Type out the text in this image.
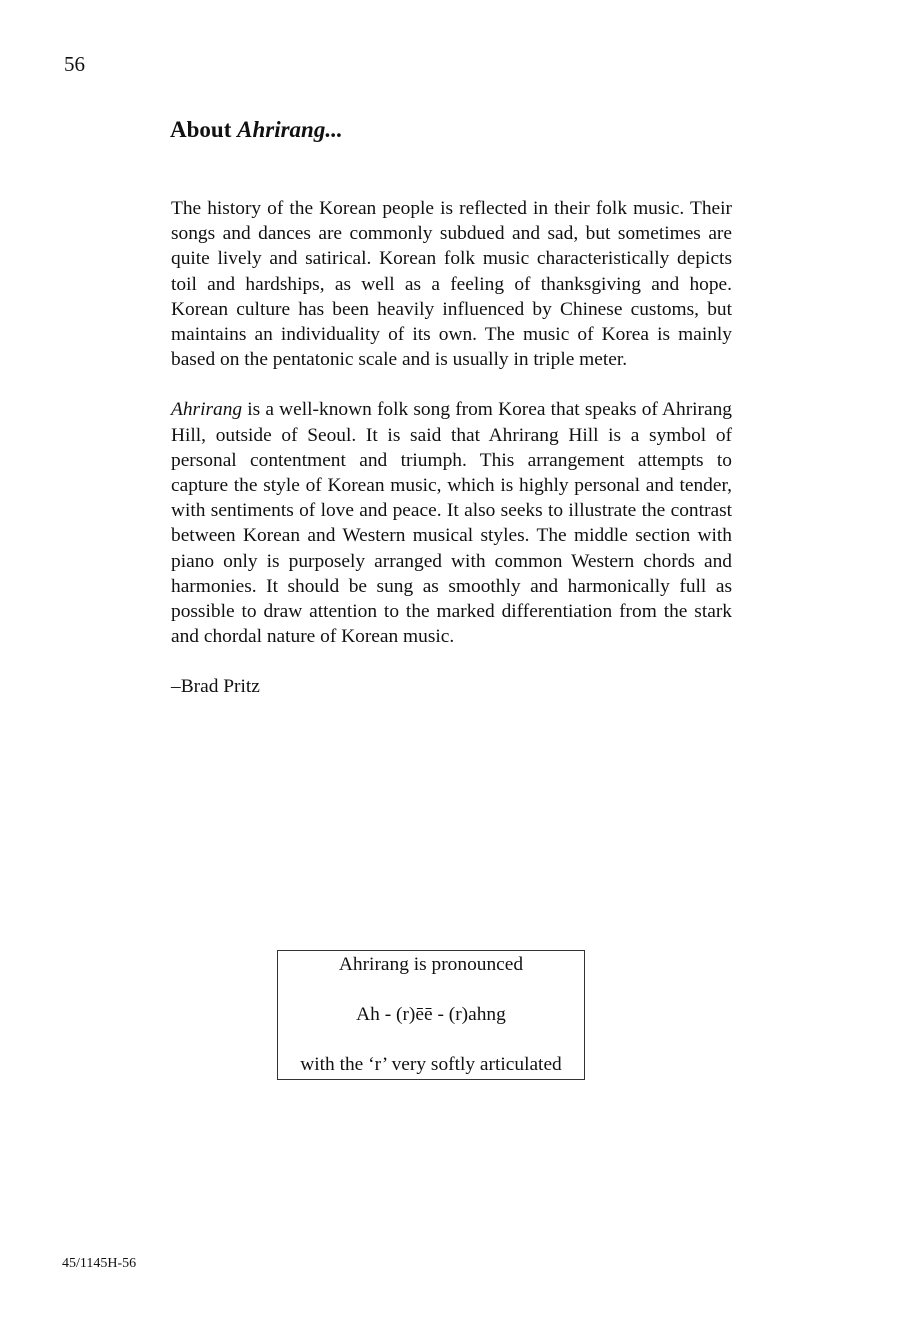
56
About Ahrirang...

The history of the Korean people is reflected in their folk music. Their songs and dances are commonly subdued and sad, but sometimes are quite lively and satirical. Korean folk music characteristically depicts toil and hardships, as well as a feeling of thanksgiving and hope. Korean culture has been heavily influenced by Chinese customs, but maintains an individuality of its own. The music of Korea is mainly based on the pentatonic scale and is usually in triple meter.

Ahrirang is a well-known folk song from Korea that speaks of Ahrirang Hill, outside of Seoul. It is said that Ahrirang Hill is a symbol of personal contentment and triumph. This arrangement attempts to capture the style of Korean music, which is highly personal and tender, with sentiments of love and peace. It also seeks to illustrate the contrast between Korean and Western musical styles. The middle section with piano only is purposely arranged with common Western chords and harmonies. It should be sung as smoothly and harmonically full as possible to draw attention to the marked differentiation from the stark and chordal nature of Korean music.

–Brad Pritz

Ahrirang is pronounced
Ah - (r)ēē - (r)ahng
with the ‘r’ very softly articulated
45/1145H-56
